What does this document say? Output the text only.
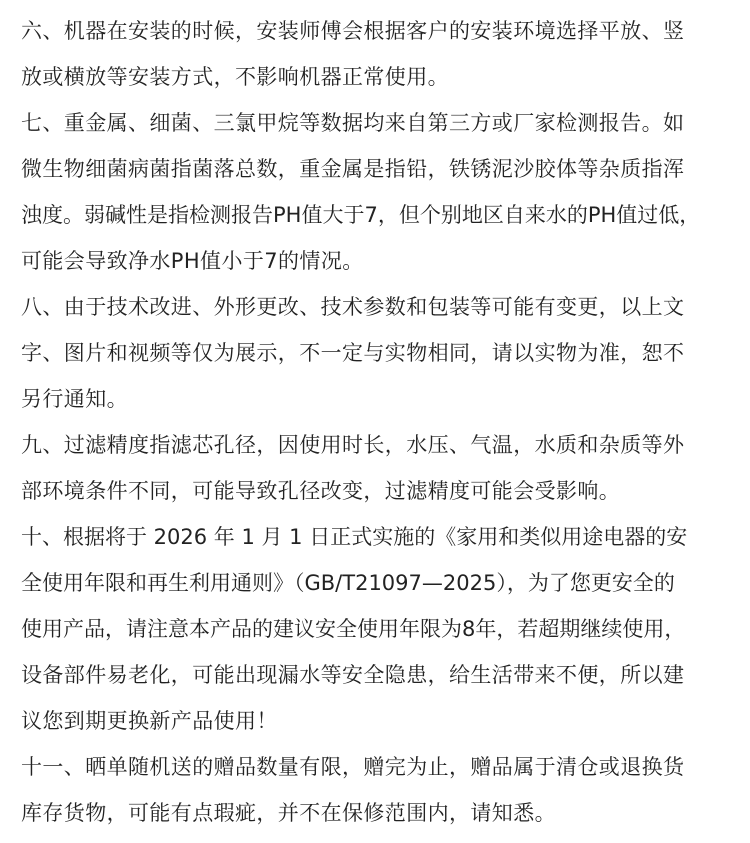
六、机器在安装的时候，安装师傅会根据客户的安装环境选择平放、竖
放或横放等安装方式，不影响机器正常使用。
七、重金属、细菌、三氯甲烷等数据均来自第三方或厂家检测报告。如
微生物细菌病菌指菌落总数，重金属是指铅，铁锈泥沙胶体等杂质指浑
浊度。弱碱性是指检测报告PH值大于7，但个别地区自来水的PH值过低，
可能会导致净水PH值小于7的情况。
八、由于技术改进、外形更改、技术参数和包装等可能有变更，以上文
字、图片和视频等仅为展示，不一定与实物相同，请以实物为准，恕不
另行通知。
九、过滤精度指滤芯孔径，因使用时长，水压、气温，水质和杂质等外
部环境条件不同，可能导致孔径改变，过滤精度可能会受影响。
十、根据将于 2026 年 1 月 1 日正式实施的《家用和类似用途电器的安
全使用年限和再生利用通则》（GB/T21097—2025），为了您更安全的
使用产品，请注意本产品的建议安全使用年限为8年，若超期继续使用，
设备部件易老化，可能出现漏水等安全隐患，给生活带来不便，所以建
议您到期更换新产品使用！
十一、晒单随机送的赠品数量有限，赠完为止，赠品属于清仓或退换货
库存货物，可能有点瑕疵，并不在保修范围内，请知悉。
